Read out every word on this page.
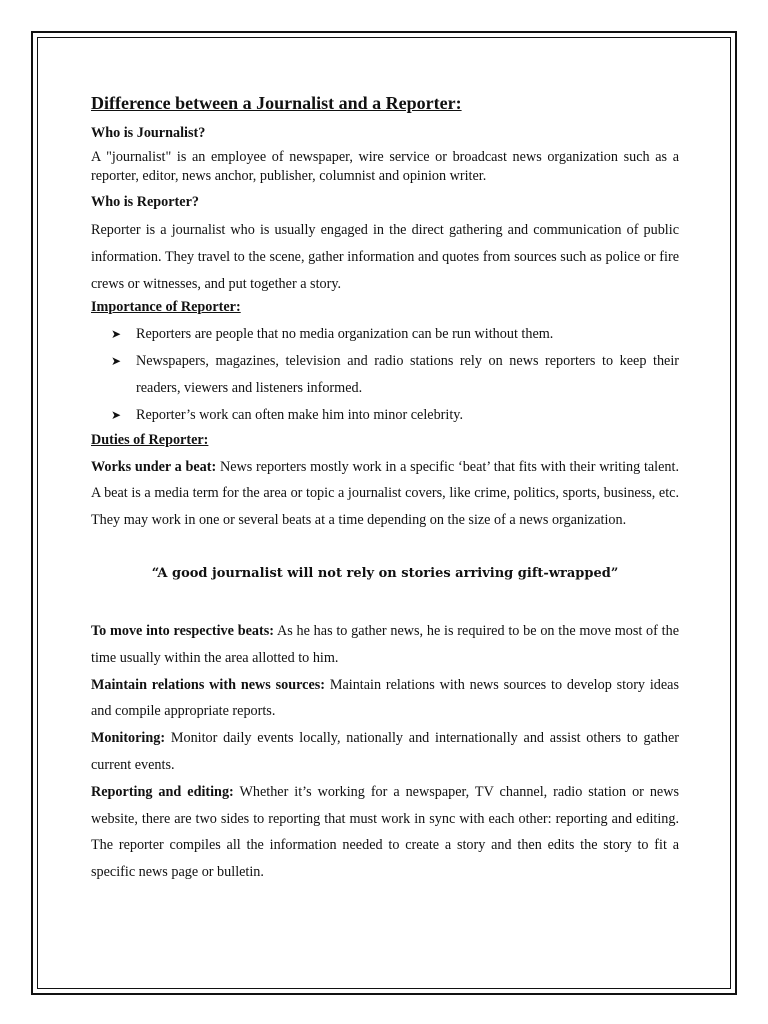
Difference between a Journalist and a Reporter:
Who is Journalist?

A "journalist" is an employee of newspaper, wire service or broadcast news organization such as a reporter, editor, news anchor, publisher, columnist and opinion writer.

Who is Reporter?

Reporter is a journalist who is usually engaged in the direct gathering and communication of public information. They travel to the scene, gather information and quotes from sources such as police or fire crews or witnesses, and put together a story.

Importance of Reporter:
➤ Reporters are people that no media organization can be run without them.
➤ Newspapers, magazines, television and radio stations rely on news reporters to keep their readers, viewers and listeners informed.
➤ Reporter’s work can often make him into minor celebrity.
Duties of Reporter:

Works under a beat: News reporters mostly work in a specific ‘beat’ that fits with their writing talent. A beat is a media term for the area or topic a journalist covers, like crime, politics, sports, business, etc. They may work in one or several beats at a time depending on the size of a news organization.

“A good journalist will not rely on stories arriving gift-wrapped”

To move into respective beats: As he has to gather news, he is required to be on the move most of the time usually within the area allotted to him.

Maintain relations with news sources: Maintain relations with news sources to develop story ideas and compile appropriate reports.

Monitoring: Monitor daily events locally, nationally and internationally and assist others to gather current events.

Reporting and editing: Whether it’s working for a newspaper, TV channel, radio station or news website, there are two sides to reporting that must work in sync with each other: reporting and editing. The reporter compiles all the information needed to create a story and then edits the story to fit a specific news page or bulletin.
